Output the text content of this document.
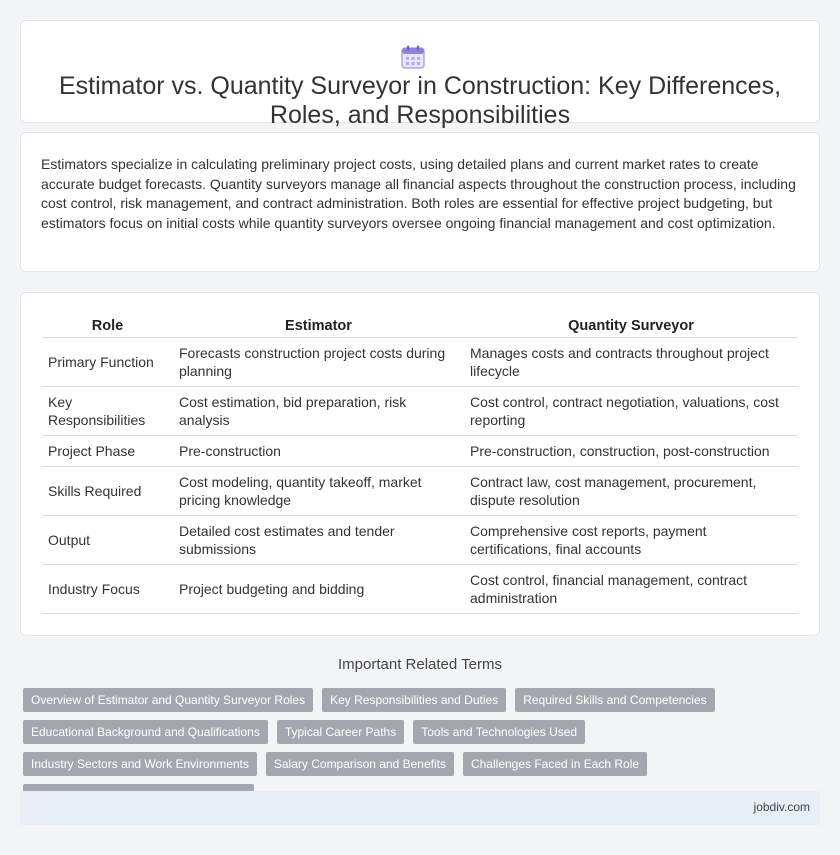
Estimator vs. Quantity Surveyor in Construction: Key Differences, Roles, and Responsibilities

Estimators specialize in calculating preliminary project costs, using detailed plans and current market rates to create accurate budget forecasts. Quantity surveyors manage all financial aspects throughout the construction process, including cost control, risk management, and contract administration. Both roles are essential for effective project budgeting, but estimators focus on initial costs while quantity surveyors oversee ongoing financial management and cost optimization.

Role	Estimator	Quantity Surveyor
Primary Function	Forecasts construction project costs during planning	Manages costs and contracts throughout project lifecycle
Key Responsibilities	Cost estimation, bid preparation, risk analysis	Cost control, contract negotiation, valuations, cost reporting
Project Phase	Pre-construction	Pre-construction, construction, post-construction
Skills Required	Cost modeling, quantity takeoff, market pricing knowledge	Contract law, cost management, procurement, dispute resolution
Output	Detailed cost estimates and tender submissions	Comprehensive cost reports, payment certifications, final accounts
Industry Focus	Project budgeting and bidding	Cost control, financial management, contract administration
Important Related Terms
Overview of Estimator and Quantity Surveyor Roles Key Responsibilities and Duties Required Skills and CompetenciesEducational Background and Qualifications Typical Career Paths Tools and Technologies UsedIndustry Sectors and Work Environments Salary Comparison and Benefits Challenges Faced in Each Role
jobdiv.com
